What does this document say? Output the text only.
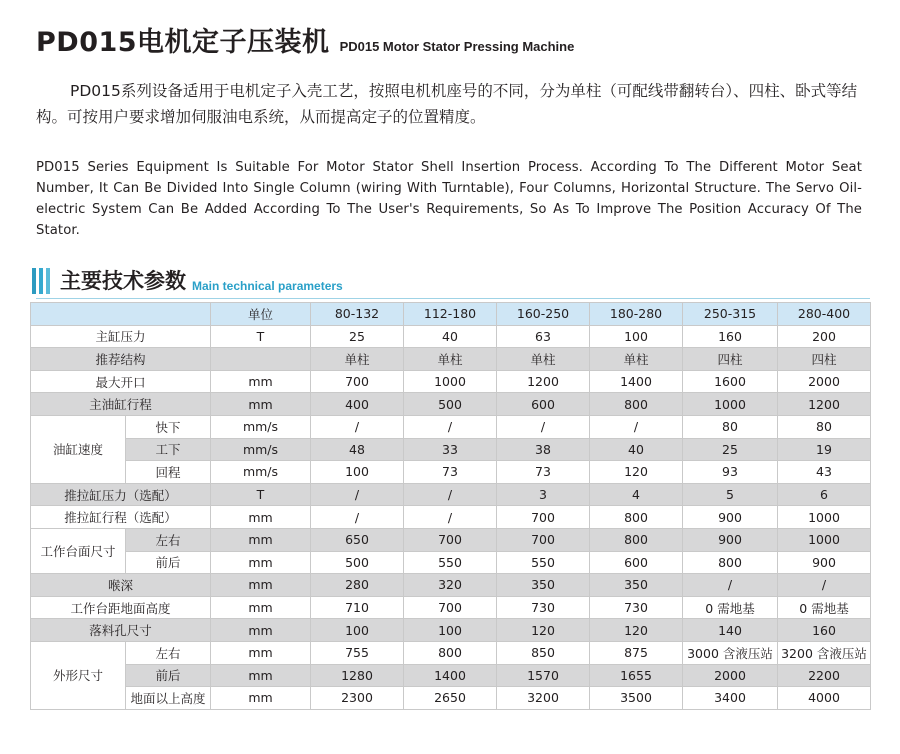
PD015电机定子压装机 PD015 Motor Stator Pressing Machine
PD015系列设备适用于电机定子入壳工艺，按照电机机座号的不同，分为单柱（可配线带翻转台）、四柱、卧式等结构。可按用户要求增加伺服油电系统，从而提高定子的位置精度。
PD015 Series Equipment Is Suitable For Motor Stator Shell Insertion Process. According To The Different Motor Seat Number, It Can Be Divided Into Single Column (wiring With Turntable), Four Columns, Horizontal Structure. The Servo Oil-electric System Can Be Added According To The User's Requirements, So As To Improve The Position Accuracy Of The Stator.
主要技术参数 Main technical parameters
		单位	80-132	112-180	160-250	180-280	250-315	280-400
主缸压力		T	25	40	63	100	160	200
推荐结构			单柱	单柱	单柱	单柱	四柱	四柱
最大开口		mm	700	1000	1200	1400	1600	2000
主油缸行程		mm	400	500	600	800	1000	1200
油缸速度	快下	mm/s	/	/	/	/	80	80
	工下	mm/s	48	33	38	40	25	19
	回程	mm/s	100	73	73	120	93	43
推拉缸压力（选配）		T	/	/	3	4	5	6
推拉缸行程（选配）		mm	/	/	700	800	900	1000
工作台面尺寸	左右	mm	650	700	700	800	900	1000
	前后	mm	500	550	550	600	800	900
喉深		mm	280	320	350	350	/	/
工作台距地面高度		mm	710	700	730	730	0 需地基	0 需地基
落料孔尺寸		mm	100	100	120	120	140	160
外形尺寸	左右	mm	755	800	850	875	3000 含液压站	3200 含液压站
	前后	mm	1280	1400	1570	1655	2000	2200
	地面以上高度	mm	2300	2650	3200	3500	3400	4000
